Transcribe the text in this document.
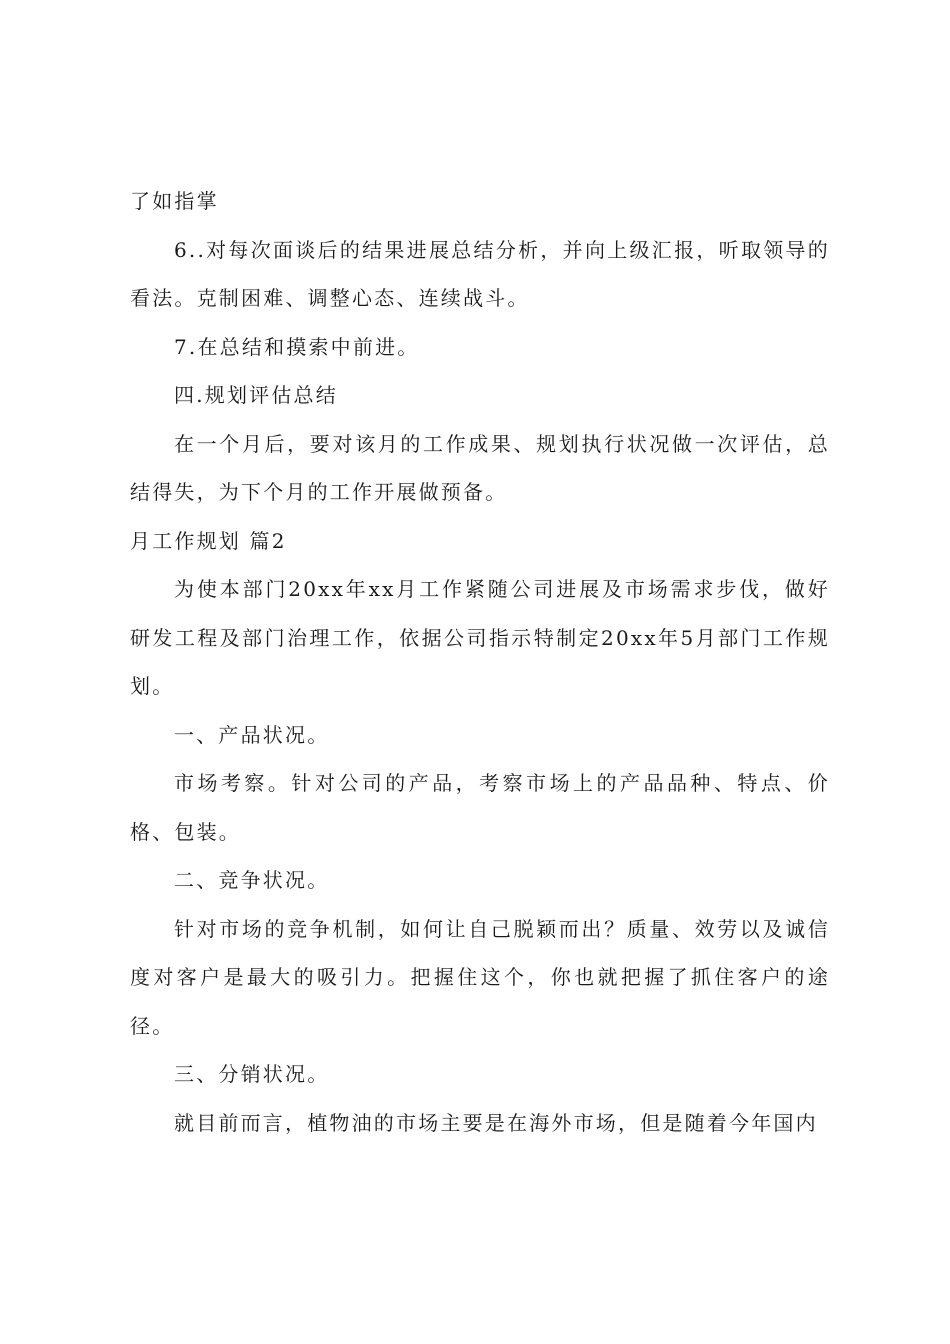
了如指掌

6..对每次面谈后的结果进展总结分析，并向上级汇报，听取领导的看法。克制困难、调整心态、连续战斗。

7.在总结和摸索中前进。

四.规划评估总结

在一个月后，要对该月的工作成果、规划执行状况做一次评估，总结得失，为下个月的工作开展做预备。

月工作规划 篇2

为使本部门20xx年xx月工作紧随公司进展及市场需求步伐，做好研发工程及部门治理工作，依据公司指示特制定20xx年5月部门工作规划。

一、产品状况。

市场考察。针对公司的产品，考察市场上的产品品种、特点、价格、包装。

二、竞争状况。

针对市场的竞争机制，如何让自己脱颖而出？质量、效劳以及诚信度对客户是最大的吸引力。把握住这个，你也就把握了抓住客户的途径。

三、分销状况。

就目前而言，植物油的市场主要是在海外市场，但是随着今年国内
